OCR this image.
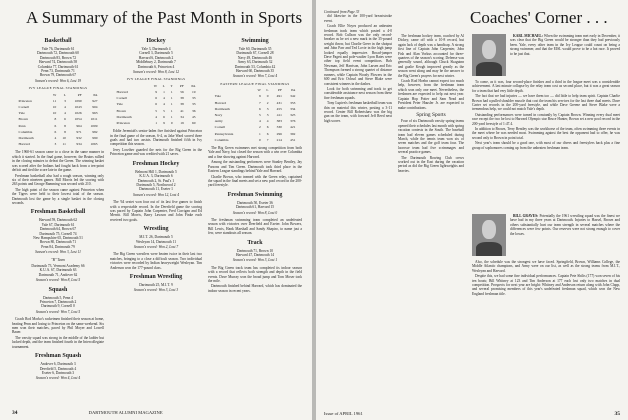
A Summary of the Past Month in Sports
Basketball
Yale 76, Dartmouth 61
Dartmouth 72, Dartmouth 60
Dartmouth 83, Brown 72
Harvard 74, Dartmouth 58
Columbia 77, Dartmouth 61
Penn 73, Dartmouth 71
Brown 79, Dartmouth 67
Season's record: Won 6, Lost 19
IVY LEAGUE FINAL STANDINGS
	W	L	PF	PA
Princeton	11	3	1090	927
Cornell	10	4	1043	904
Yale	10	4	1026	963
Brown	8	6	1054	1011
Penn	6	8	964	1009
Columbia	6	8	971	982
Dartmouth	4	10	932	990
Harvard	3	11	934	1065

The 1960-61 season came to a close in the same manner in which it started. In the final game, however, the Bruins rallied in the closing minutes to defeat the Green. The winning basket was scored after the Indians had fought back from a ten-point deficit and tied the score late in the game.

Freshman basketball also had a rough season, winning only six of their nineteen games. Bill Morris led the scoring with 263 points and George Ramming was second with 210.

The high point of the season came against Princeton when the Tigers were held to their lowest total of the season. Dartmouth lost the game by a single basket in the closing seconds.

Freshman Basketball
Harvard 59, Dartmouth 62
Yale 67, Dartmouth 61
Dartmouth 64, Brown 67
Dartmouth 75, Cornell 74
New Hampshire 65, Dartmouth 51
Brown 80, Dartmouth 71
Penn 84, Dartmouth 79
Season's record: Won 3, Lost 11
"B" Team
Dartmouth 73, Vermont Academy 66
K.U.A. 67, Dartmouth 63
Dartmouth 71, Andover 62
Season's record: Won 8, Lost 5
Squash
Dartmouth 5, Penn 4
Princeton 7, Dartmouth 2
Dartmouth 9, Cornell 0
Season's record: Won 7, Lost 5

Coach Rod Morko's racketmen finished their season at home, beating Penn and losing to Princeton on the same weekend. Six men won their matches, paced by Phil Moyer and Lowell Bauer.

The varsity squad was strong in the middle of the ladder but lacked depth, and the team finished fourth in the Intercollegiate tournament.

Freshman Squash
Andover 6, Dartmouth 3
Deerfield 5, Dartmouth 4
Exeter 6, Dartmouth 3
Season's record: Won 4, Lost 4
Hockey
Yale 3, Dartmouth 4
Cornell 3, Dartmouth 5
Harvard 6, Dartmouth 2
Middlebury 2, Dartmouth 7
Dartmouth 6, Princeton 4
Season's record: Won 8, Lost 12
IVY LEAGUE FINAL STANDINGS
	W	L	T	PF	PA
Harvard	9	1	1	56	19
Cornell	6	4	1	38	33
Yale	6	4	1	38	33
Brown	5	5	1	41	36
Dartmouth	4	6	1	34	45
Princeton	1	9	0	19	60

Eddie Jeremiah's senior-laden five finished against Princeton in the final game of the season, 6-4, as Jake Ward scored three goals and had two assists. Dartmouth finished fifth in Ivy competition this season.

Jerry Lowther guarded the nets for the Big Green in the Princeton game and was credited with 21 saves.

Freshman Hockey
Belmont Hill 1, Dartmouth 5
K.U.A. 3, Dartmouth 6
Dartmouth 2, St. Paul's 1
Dartmouth 5, Northwood 2
Dartmouth 11, Exeter 1
Season's record: Won 12, Lost 4

The '64 sextet won four out of its last five games to finish with a respectable record. In the Deerfield game the scoring was paced by Captain John Carpenter, Fred Corrigan and Ed Merritt. Bill Morris, Barry Lawson and John Finke each received two goals.

Wrestling
M.I.T. 26, Dartmouth 5
Wesleyan 14, Dartmouth 11
Season's record: Won 2, Lost 7

The Big Green wrestlers were beaten twice in their last two matches, bringing to a close a difficult season. Two individual victories were recorded by Indian heavyweight Wesleyan. Tim Anderson won the 177-pound class.

Freshman Wrestling
Dartmouth 25, M.I.T. 9
Season's record: Won 3, Lost 3
Swimming
Yale 60, Dartmouth 35
Dartmouth 67, Cornell 28
Navy 49, Dartmouth 46
Army 63, Dartmouth 32
Dartmouth 53, Columbia 42
Harvard 60, Dartmouth 35
Season's record: Won 7, Lost 4
EASTERN LEAGUE FINAL STANDINGS
	W	L	PF	PA
Yale	9	0	491	342
Harvard	7	2	431	353
Dartmouth	6	3	455	334
Navy	5	3	411	325
Army	4	4	383	376
Cornell	2	6	330	421
Pennsylvania	1	6	296	392
Columbia	0	7	214	451

The Big Green swimmers met strong competition from both Yale and Navy, but closed the season with a win over Columbia and a fine showing against Harvard.

Among the outstanding performers were Stanley Bentley, Jay Parsons and Tim Green. Dartmouth took third place in the Eastern League standings behind Yale and Harvard.

Charlie Brown, who teamed with the Green relay, captained the squad in the final meets and set a new pool record in the 200-yard freestyle.

Freshman Swimming
Dartmouth 50, Exeter 36
Dartmouth 61, Harvard 15
Season's record: Won 8, Lost 0

The freshman swimming team completed an undefeated season with victories over Deerfield and Exeter. John Bowers, Bill Lewis, Hank Marshall and Sandy Shapiro, to name just a few, were standouts all season.

Track
Dartmouth 71, Brown 10
Harvard 47, Dartmouth 14
Season's record: Won 3, Lost 1

The Big Green track team has completed its indoor season with a record that reflects both strength and depth in the field events. Dave Murray won the broad jump and Tom Moser took the mile.

Dartmouth finished behind Harvard, which has dominated the indoor season in recent years.

34	DARTMOUTH ALUMNI MAGAZINE
Coaches' Corner . . .
Continued from Page 33

did likewise in the 100-yard breaststroke event.

Coach Ellie Noyes produced an unbeaten freshman track team which posted a 4-0 record. Bob Cullson was the only record-breaker as he set a new mark in the 35-pound weight throw, but Charlie Greer in the shotput and John Parr and Ted Lovie in the high jump looked equally impressive. Broad-jumper Dave Pagett and pole-vaulter Lyon Bates were other top field event competitors. Bob Newman, Jeff Harrison, John Larsen and Eric Thompson formed a strong quartet of distance runners, while Captain Woody Flowers in the 600 and Eric Ochsol and Steve Blake were consistent winners in the dashes.

Look for both swimming and track to get considerable assistance next season from these fine freshman squads.

Tony Lupien's freshman basketball team was thin on material this winter, posting a 3-11 record. Center Bill Robertshaw was the big gun on the team, with forward Jeff Reed next high scorer.

The freshman hockey team, coached by Al Dickey, came off with a 10-8 record, but again lack of depth was a handicap. A strong first line of Captain John Carpenter, John Fish and Alan Vorkus accounted for three-quarters of the season's scoring. Defense was generally sound, although Chuck Skaguinn and goalie Keogh improved greatly as the season went along and may be the answer to the Big Green's prayers for next winter.

Coach Rod Hoehn cannot expect too much help, however, from the freshman team which won only one meet. Nevertheless, the freshmen are expected to help out next year. Captain Hop Potter and Sam Nead and President Peter Hausler Jr. are expected to make contributions.

Spring Sports

Four of six Dartmouth varsity spring teams opened their schedules last month with spring vacation contests in the South. The baseball team had eleven games scheduled during March, while the tennis team won six of seven matches and the golf team four. The lacrosse team had five scrimmages and several practice games.

The Dartmouth Rowing Club crews worked out in the East during the vacation period as did the Big Green lightweights and heavies.

KARL MICHAEL: When the swimming team met early in December, it was clear that the Big Green would be stronger than they had previously been. Yale, every other team in the Ivy League could count on being a strong swimmer, and that the EISL would prove to be a hot race. It proved to be just that.

To come, as it was, four second-place finishes and a third in the league meet was a considerable achievement. A last minute collapse by the relay team cost us second place, but it was a great season for a team that had very little depth.

The fact that we had injuries — we have them too — did little to help team spirit. Captain Charlie Brown had a pulled shoulder muscle that cost the team his services for the last three dual meets. Dave Carter set records in the 200-yard freestyle, and while Dave Greene and Steve Blake were a tremendous help, we could not match Yale's depth.

Outstanding performances were turned in constantly by Captain Brown. Winning every dual meet race except the two he lost to Harvard Olympic star Bruce Hunter, Brown set a new pool record in the 200-yard freestyle of 1:47.4.

In addition to Brown, Terry Bentley was the workhorse of the team, often swimming three events in the meet where he was needed most. Swimming against the best the opponent had to offer, he was second only to Brown in point total.

Next year's team should be a good one, with most of our divers and freestylers back plus a fine group of sophomores coming up from the unbeaten freshman team.

BILL GRAVES: Potentially the 1961 wrestling squad was the finest we have had in my three years at Dartmouth. Injuries to Hassel, Brown and others substantially hurt our team strength in several matches where the differences were few points. Our reserves were not strong enough to cover the losses.

Also, the schedule was the strongest we have faced. Springfield, Brown, Williams College, the Middle Atlantic champions, and Army were on our list, as well as the strong teams from M.I.T., Wesleyan and Harvard.

Despite this, we had some fine individual performances. Captain Pete Shilts (177) won seven of his ten bouts; Bill Whitney at 123 and Tim Anderson at 177 each lost only two matches in dual competition. Prospects for next year are bright: Whitney and Anderson return along with John Clapp, and several promising members of this year's undefeated freshman squad, which won the New England freshman title.

Issue of APRIL 1961	35
